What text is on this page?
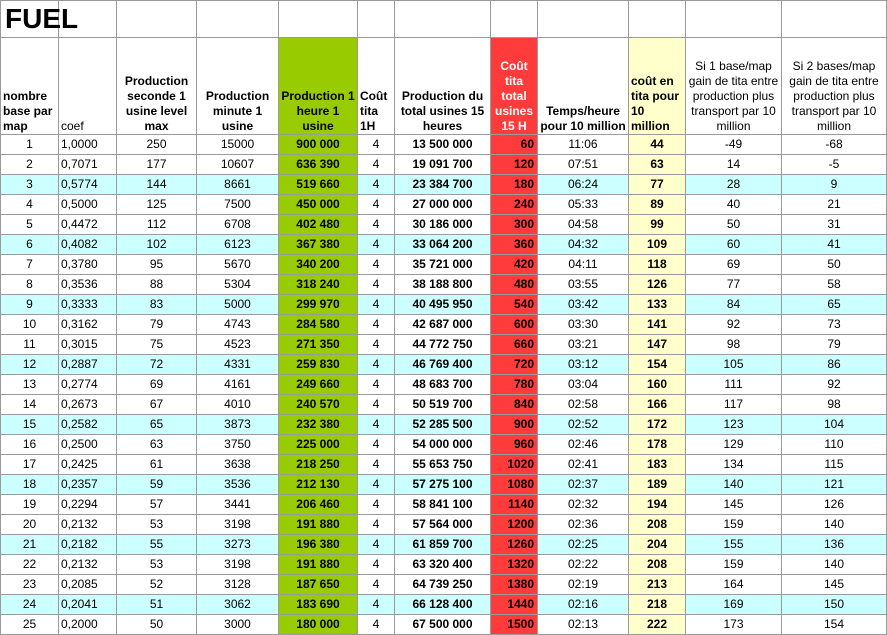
FUEL											
nombre base par map	coef	Production seconde 1 usine level max	Production minute 1 usine	Production 1 heure 1 usine	Coût tita 1H	Production du total usines 15 heures	Coût tita total usines 15 H	Temps/heure pour 10 million	coût en tita pour 10 million	Si 1 base/map gain de tita entre production plus transport par 10 million	Si 2 bases/map gain de tita entre production plus transport par 10 million
1	1,0000	250	15000	900 000	4	13 500 000	60	11:06	44	-49	-68
2	0,7071	177	10607	636 390	4	19 091 700	120	07:51	63	14	-5
3	0,5774	144	8661	519 660	4	23 384 700	180	06:24	77	28	9
4	0,5000	125	7500	450 000	4	27 000 000	240	05:33	89	40	21
5	0,4472	112	6708	402 480	4	30 186 000	300	04:58	99	50	31
6	0,4082	102	6123	367 380	4	33 064 200	360	04:32	109	60	41
7	0,3780	95	5670	340 200	4	35 721 000	420	04:11	118	69	50
8	0,3536	88	5304	318 240	4	38 188 800	480	03:55	126	77	58
9	0,3333	83	5000	299 970	4	40 495 950	540	03:42	133	84	65
10	0,3162	79	4743	284 580	4	42 687 000	600	03:30	141	92	73
11	0,3015	75	4523	271 350	4	44 772 750	660	03:21	147	98	79
12	0,2887	72	4331	259 830	4	46 769 400	720	03:12	154	105	86
13	0,2774	69	4161	249 660	4	48 683 700	780	03:04	160	111	92
14	0,2673	67	4010	240 570	4	50 519 700	840	02:58	166	117	98
15	0,2582	65	3873	232 380	4	52 285 500	900	02:52	172	123	104
16	0,2500	63	3750	225 000	4	54 000 000	960	02:46	178	129	110
17	0,2425	61	3638	218 250	4	55 653 750	1020	02:41	183	134	115
18	0,2357	59	3536	212 130	4	57 275 100	1080	02:37	189	140	121
19	0,2294	57	3441	206 460	4	58 841 100	1140	02:32	194	145	126
20	0,2132	53	3198	191 880	4	57 564 000	1200	02:36	208	159	140
21	0,2182	55	3273	196 380	4	61 859 700	1260	02:25	204	155	136
22	0,2132	53	3198	191 880	4	63 320 400	1320	02:22	208	159	140
23	0,2085	52	3128	187 650	4	64 739 250	1380	02:19	213	164	145
24	0,2041	51	3062	183 690	4	66 128 400	1440	02:16	218	169	150
25	0,2000	50	3000	180 000	4	67 500 000	1500	02:13	222	173	154
